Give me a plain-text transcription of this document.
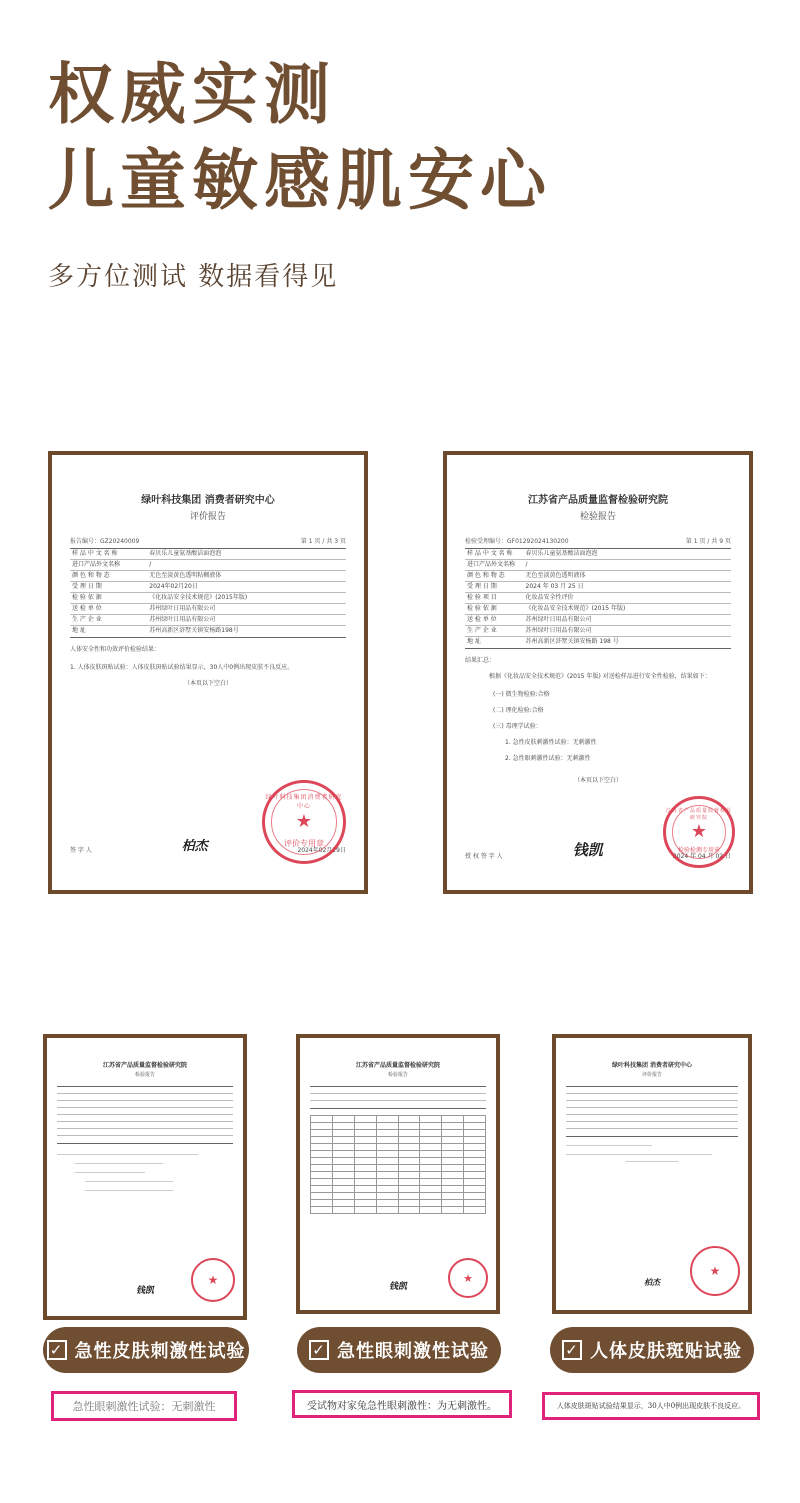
权威实测
儿童敏感肌安心
多方位测试 数据看得见
绿叶科技集团 消费者研究中心
评价报告
报告编号：GZ20240009	第 1 页 / 共 3 页
样 品 中 文 名 称	春贝乐儿童氨基酸洁面泡泡
进口产品外文名称	/
颜 色 和 物 态	无色至淡黄色透明粘稠液体
受 理 日 期	2024年02月20日
检 验 依 据	《化妆品安全技术规范》(2015年版)
送 检 单 位	苏州绿叶日用品有限公司
生 产 企 业	苏州绿叶日用品有限公司
地 址	苏州高新区浒墅关镇安杨路198号
人体安全性和功效评价检验结果：
1. 人体皮肤斑贴试验：人体皮肤斑贴试验结果显示，30人中0例出现皮肤不良反应。
（本页以下空白）
签 字 人	柏杰	2024年02月29日
绿叶科技集团消费者研究中心
★
评价专用章
江苏省产品质量监督检验研究院
检验报告
检验受理编号：GF01292024130200	第 1 页 / 共 9 页
样 品 中 文 名 称	春贝乐儿童氨基酸洁面泡泡
进口产品外文名称	/
颜 色 和 物 态	无色至淡黄色透明液体
受 理 日 期	2024 年 03 月 25 日
检 验 项 目	化妆品安全性评价
检 验 依 据	《化妆品安全技术规范》(2015 年版)
送 检 单 位	苏州绿叶日用品有限公司
生 产 企 业	苏州绿叶日用品有限公司
地 址	苏州高新区浒墅关镇安杨路 198 号
结果汇总：
根据《化妆品安全技术规范》(2015 年版) 对送检样品进行安全性检验，结果如下：
(一) 微生物检验:合格
(二) 理化检验:合格
(三) 毒理学试验：
1. 急性皮肤刺激性试验：无刺激性
2. 急性眼刺激性试验：无刺激性
（本页以下空白）
授 权 签 字 人	钱凯	2024 年 04 月 02 日
江苏省产品质量监督检验研究院
★
检验检测专用章
江苏省产品质量监督检验研究院
检验报告
钱凯
★
江苏省产品质量监督检验研究院
检验报告

钱凯
★
绿叶科技集团 消费者研究中心
评价报告
柏杰
★
✓ 急性皮肤刺激性试验	✓ 急性眼刺激性试验	✓ 人体皮肤斑贴试验
急性眼刺激性试验：无刺激性	受试物对家兔急性眼刺激性：为无刺激性。	人体皮肤斑贴试验结果显示，30人中0例出现皮肤不良反应。
